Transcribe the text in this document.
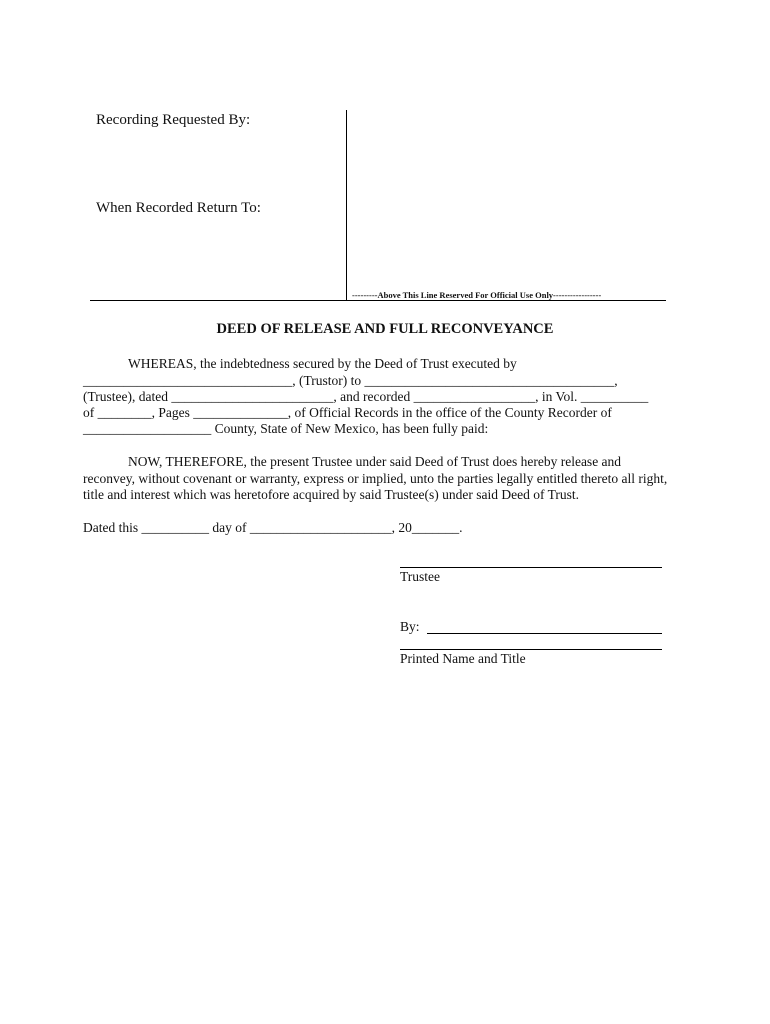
Recording Requested By:
When Recorded Return To:
---------Above This Line Reserved For Official Use Only-----------------
DEED OF RELEASE AND FULL RECONVEYANCE
WHEREAS, the indebtedness secured by the Deed of Trust executed by
_______________________________, (Trustor) to _____________________________________,
(Trustee), dated ________________________, and recorded __________________, in Vol. __________
of ________, Pages ______________, of Official Records in the office of the County Recorder of
___________________ County, State of New Mexico, has been fully paid:
NOW, THEREFORE, the present Trustee under said Deed of Trust does hereby release and
reconvey, without covenant or warranty, express or implied, unto the parties legally entitled thereto all right,
title and interest which was heretofore acquired by said Trustee(s) under said Deed of Trust.
Dated this __________ day of _____________________, 20_______.
Trustee
By:
Printed Name and Title
